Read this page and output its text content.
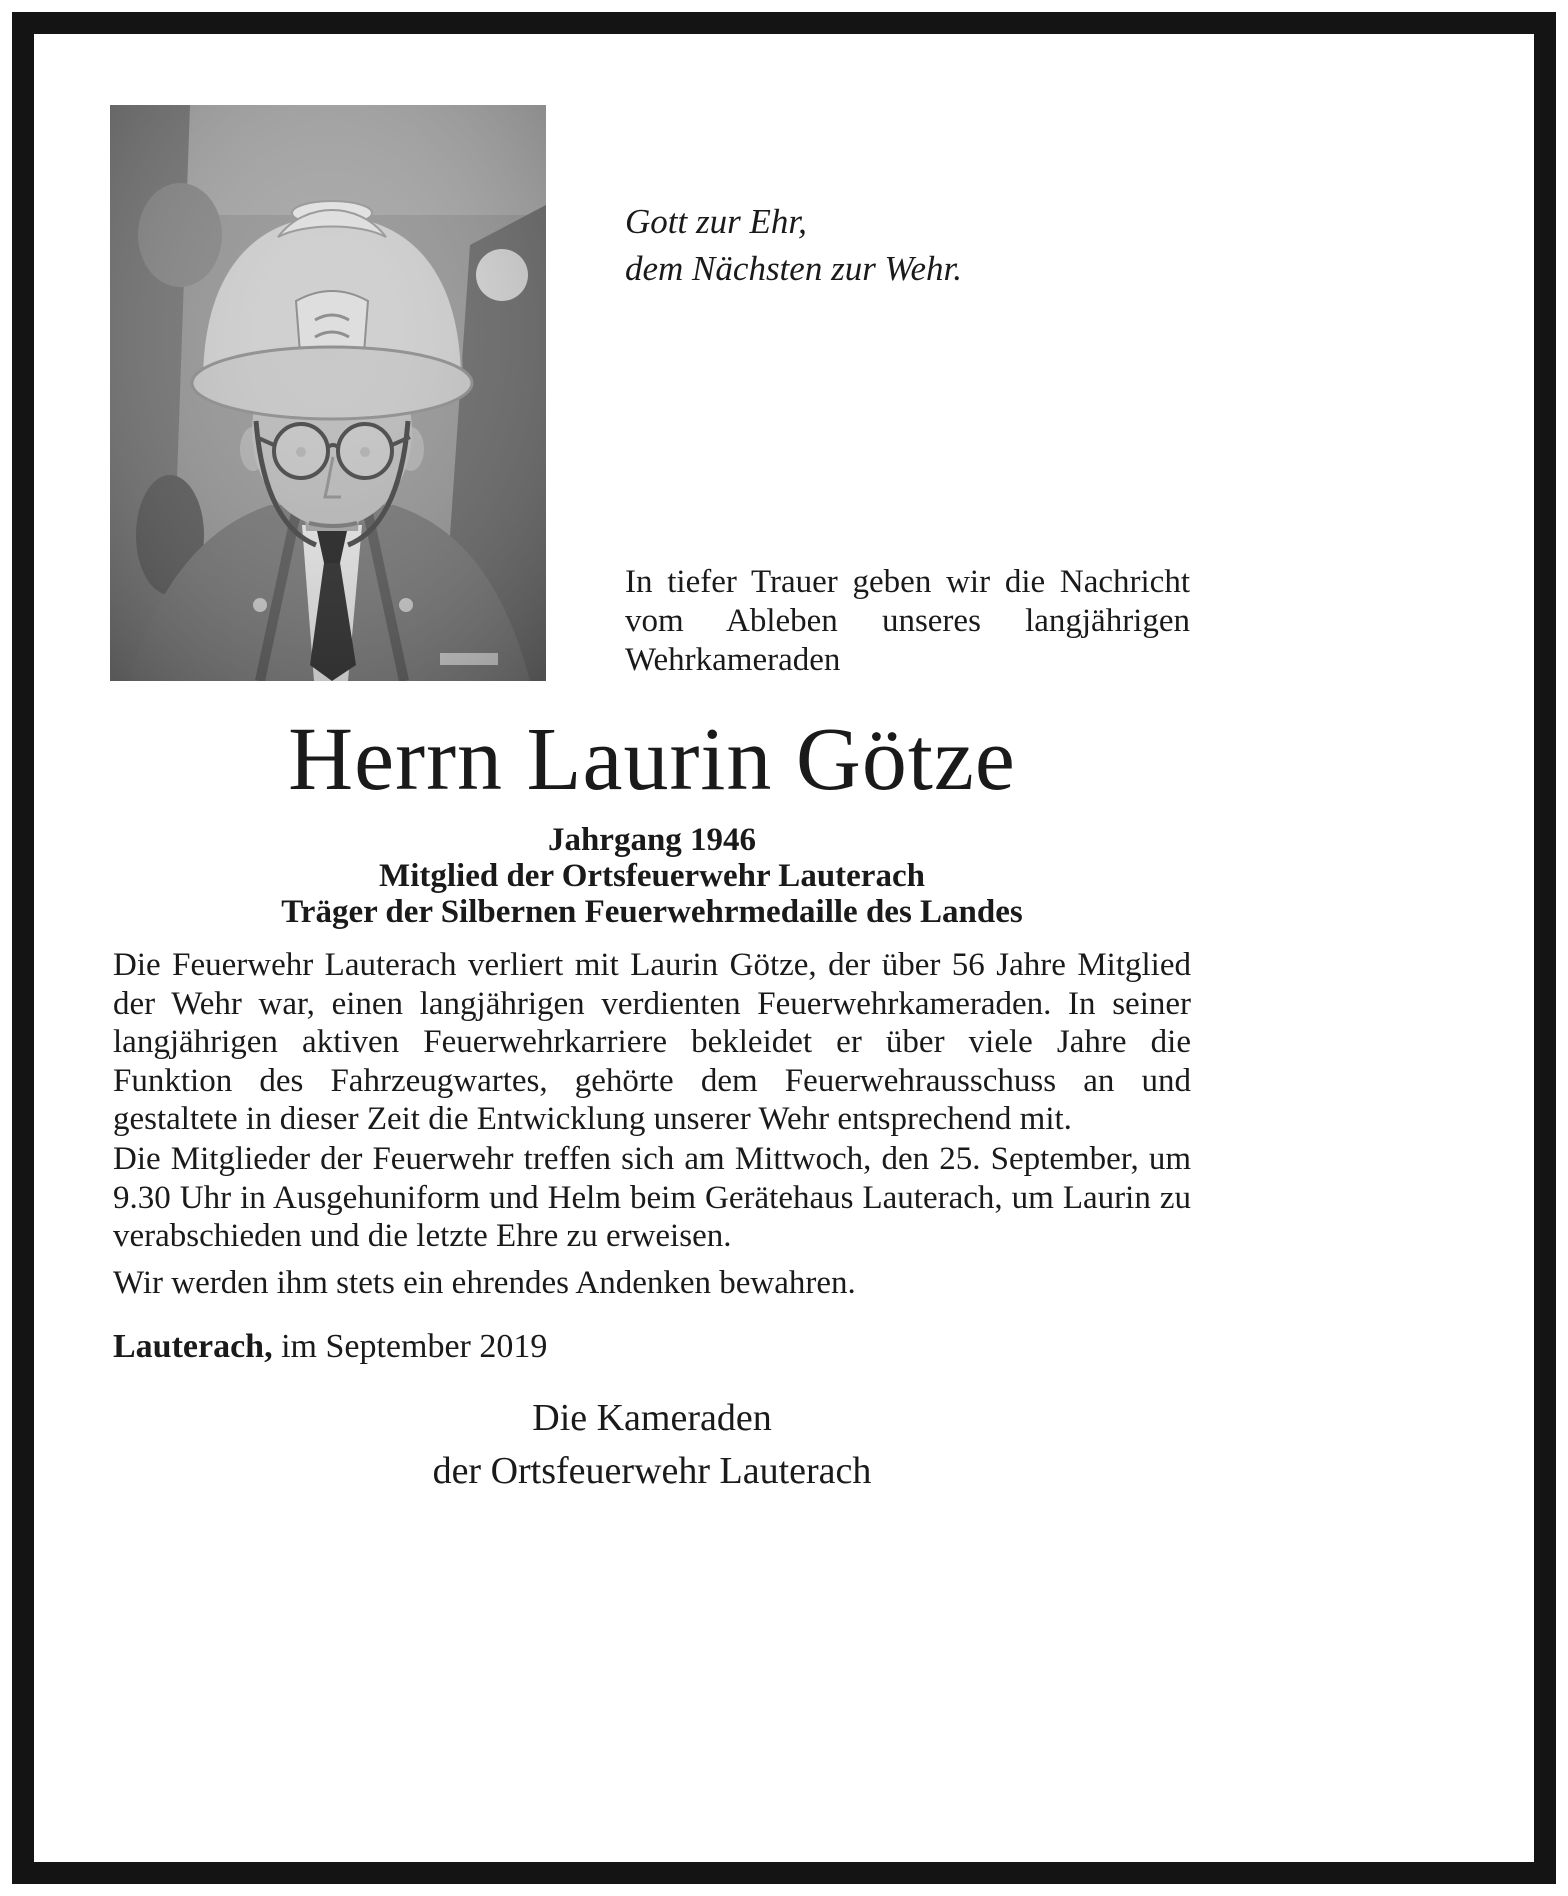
Gott zur Ehr,
dem Nächsten zur Wehr.

In tiefer Trauer geben wir die Nachricht vom Ableben unseres langjährigen Wehrkameraden

Herrn Laurin Götze
Jahrgang 1946
Mitglied der Ortsfeuerwehr Lauterach
Träger der Silbernen Feuerwehrmedaille des Landes

Die Feuerwehr Lauterach verliert mit Laurin Götze, der über 56 Jahre Mitglied der Wehr war, einen langjährigen verdienten Feuerwehrkameraden. In seiner langjährigen aktiven Feuerwehrkarriere bekleidet er über viele Jahre die Funktion des Fahrzeugwartes, gehörte dem Feuerwehrausschuss an und gestaltete in dieser Zeit die Entwicklung unserer Wehr entsprechend mit.

Die Mitglieder der Feuerwehr treffen sich am Mittwoch, den 25. September, um 9.30 Uhr in Ausgehuniform und Helm beim Gerätehaus Lauterach, um Laurin zu verabschieden und die letzte Ehre zu erweisen.

Wir werden ihm stets ein ehrendes Andenken bewahren.

Lauterach, im September 2019

Die Kameraden
der Ortsfeuerwehr Lauterach
